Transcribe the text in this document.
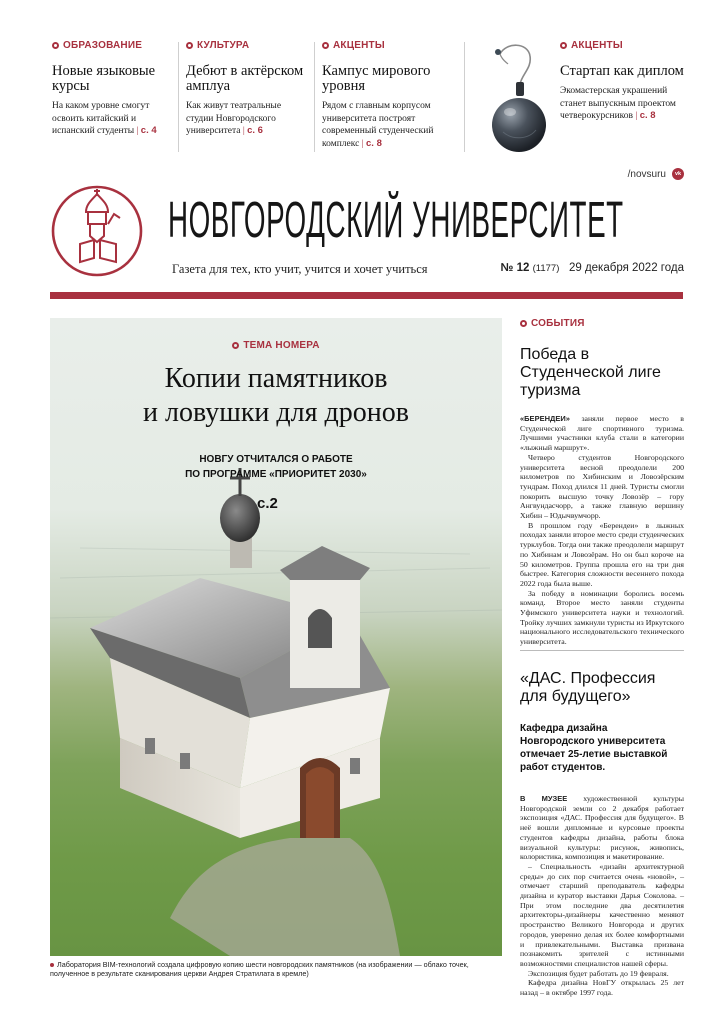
ОБРАЗОВАНИЕ
Новые языковые курсы
На каком уровне смогут освоить китайский и испанский студенты | с. 4
КУЛЬТУРА
Дебют в актёрском амплуа
Как живут театральные студии Новгородского университета | с. 6
АКЦЕНТЫ
Кампус мирового уровня
Рядом с главным корпусом университета построят современный студенческий комплекс | с. 8
АКЦЕНТЫ
Стартап как диплом
Экомастерская украшений станет выпускным проектом четверокурсников | с. 8
/novsuru	vk
НОВГОРОДСКИЙ УНИВЕРСИТЕТ
Газета для тех, кто учит, учится и хочет учиться	№ 12 (1177) 29 декабря 2022 года
ТЕМА НОМЕРА
Копии памятников
и ловушки для дронов
НОВГУ ОТЧИТАЛСЯ О РАБОТЕ
ПО ПРОГРАММЕ «ПРИОРИТЕТ 2030»
с.2
Лаборатория BIM-технологий создала цифровую копию шести новгородских памятников (на изображении — облако точек, полученное в результате сканирования церкви Андрея Стратилата в кремле)
СОБЫТИЯ
Победа в Студенческой лиге туризма

«БЕРЕНДЕИ» заняли первое место в Студенческой лиге спортивного туризма. Лучшими участники клуба стали в категории «лыжный маршрут».

Четверо студентов Новгородского университета весной преодолели 200 километров по Хибинским и Ловозёрским тундрам. Поход длился 11 дней. Туристы смогли покорить высшую точку Ловозёр – гору Ангвундасчорр, а также главную вершину Хибин – Юдычвумчорр.

В прошлом году «Берендеи» в лыжных походах заняли второе место среди студенческих турклубов. Тогда они также преодолели маршрут по Хибинам и Ловозёрам. Но он был короче на 50 километров. Группа прошла его на три дня быстрее. Категория сложности весеннего похода 2022 года была выше.

За победу в номинации боролись восемь команд. Второе место заняли студенты Уфимского университета науки и технологий. Тройку лучших замкнули туристы из Иркутского национального исследовательского технического университета.

«ДАС. Профессия для будущего»
Кафедра дизайна Новгородского университета отмечает 25-летие выставкой работ студентов.

В МУЗЕЕ художественной культуры Новгородской земли со 2 декабря работает экспозиция «ДАС. Профессия для будущего». В неё вошли дипломные и курсовые проекты студентов кафедры дизайна, работы блока визуальной культуры: рисунок, живопись, колористика, композиция и макетирование.

– Специальность «дизайн архитектурной среды» до сих пор считается очень «новой», – отмечает старший преподаватель кафедры дизайна и куратор выставки Дарья Соколова. – При этом последние два десятилетия архитекторы-дизайнеры качественно меняют пространство Великого Новгорода и других городов, уверенно делая их более комфортными и привлекательными. Выставка призвана познакомить зрителей с истинными возможностями специалистов нашей сферы.

Экспозиция будет работать до 19 февраля.

Кафедра дизайна НовГУ открылась 25 лет назад – в октябре 1997 года.
